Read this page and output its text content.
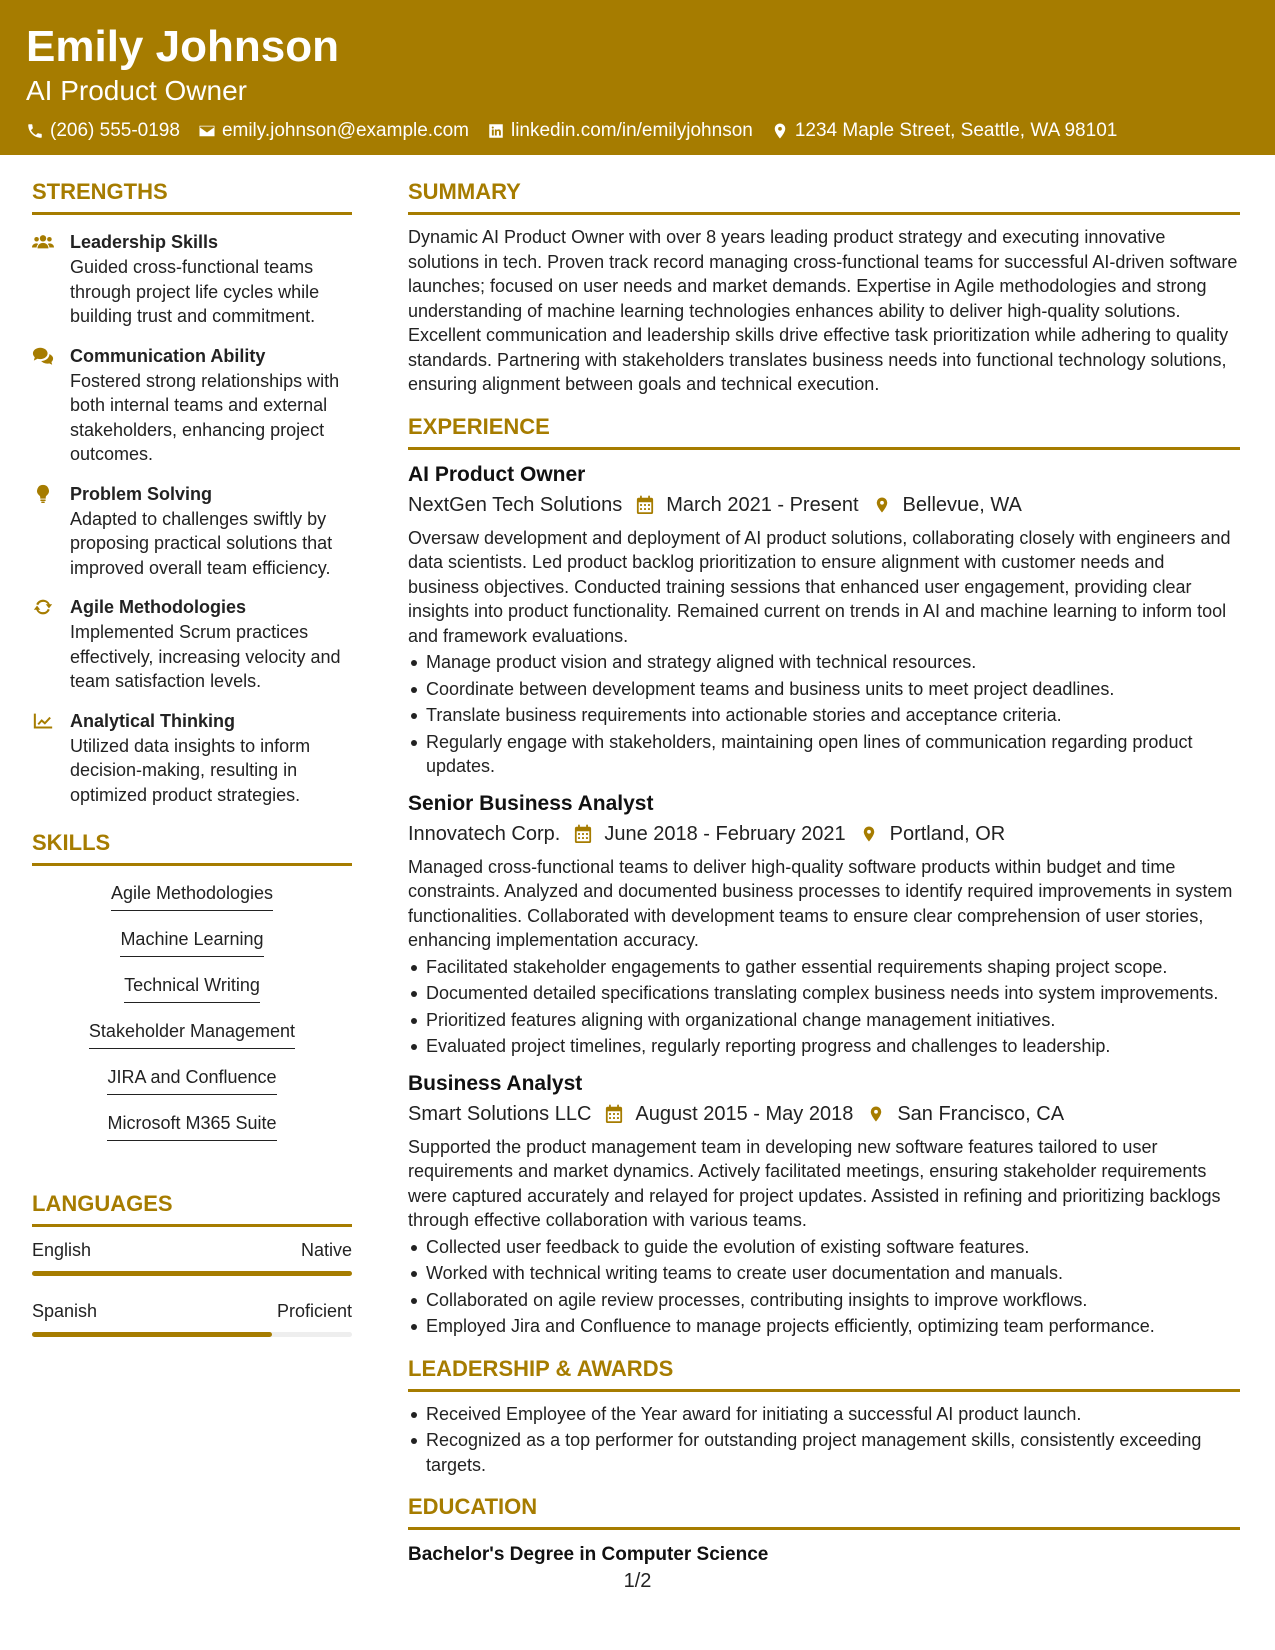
Emily Johnson
AI Product Owner
(206) 555-0198 emily.johnson@example.com linkedin.com/in/emilyjohnson 1234 Maple Street, Seattle, WA 98101
STRENGTHS
Leadership Skills
Guided cross-functional teams through project life cycles while building trust and commitment.
Communication Ability
Fostered strong relationships with both internal teams and external stakeholders, enhancing project outcomes.
Problem Solving
Adapted to challenges swiftly by proposing practical solutions that improved overall team efficiency.
Agile Methodologies
Implemented Scrum practices effectively, increasing velocity and team satisfaction levels.
Analytical Thinking
Utilized data insights to inform decision-making, resulting in optimized product strategies.
SKILLS
Agile Methodologies
Machine Learning
Technical Writing
Stakeholder Management
JIRA and Confluence
Microsoft M365 Suite
LANGUAGES
English	Native
Spanish	Proficient
SUMMARY
Dynamic AI Product Owner with over 8 years leading product strategy and executing innovative solutions in tech. Proven track record managing cross-functional teams for successful AI-driven software launches; focused on user needs and market demands. Expertise in Agile methodologies and strong understanding of machine learning technologies enhances ability to deliver high-quality solutions. Excellent communication and leadership skills drive effective task prioritization while adhering to quality standards. Partnering with stakeholders translates business needs into functional technology solutions, ensuring alignment between goals and technical execution.
EXPERIENCE
AI Product Owner
NextGen Tech Solutions March 2021 - Present Bellevue, WA
Oversaw development and deployment of AI product solutions, collaborating closely with engineers and data scientists. Led product backlog prioritization to ensure alignment with customer needs and business objectives. Conducted training sessions that enhanced user engagement, providing clear insights into product functionality. Remained current on trends in AI and machine learning to inform tool and framework evaluations.
Manage product vision and strategy aligned with technical resources.
Coordinate between development teams and business units to meet project deadlines.
Translate business requirements into actionable stories and acceptance criteria.
Regularly engage with stakeholders, maintaining open lines of communication regarding product updates.
Senior Business Analyst
Innovatech Corp. June 2018 - February 2021 Portland, OR
Managed cross-functional teams to deliver high-quality software products within budget and time constraints. Analyzed and documented business processes to identify required improvements in system functionalities. Collaborated with development teams to ensure clear comprehension of user stories, enhancing implementation accuracy.
Facilitated stakeholder engagements to gather essential requirements shaping project scope.
Documented detailed specifications translating complex business needs into system improvements.
Prioritized features aligning with organizational change management initiatives.
Evaluated project timelines, regularly reporting progress and challenges to leadership.
Business Analyst
Smart Solutions LLC August 2015 - May 2018 San Francisco, CA
Supported the product management team in developing new software features tailored to user requirements and market dynamics. Actively facilitated meetings, ensuring stakeholder requirements were captured accurately and relayed for project updates. Assisted in refining and prioritizing backlogs through effective collaboration with various teams.
Collected user feedback to guide the evolution of existing software features.
Worked with technical writing teams to create user documentation and manuals.
Collaborated on agile review processes, contributing insights to improve workflows.
Employed Jira and Confluence to manage projects efficiently, optimizing team performance.
LEADERSHIP & AWARDS
Received Employee of the Year award for initiating a successful AI product launch.
Recognized as a top performer for outstanding project management skills, consistently exceeding targets.
EDUCATION
Bachelor's Degree in Computer Science
1/2
